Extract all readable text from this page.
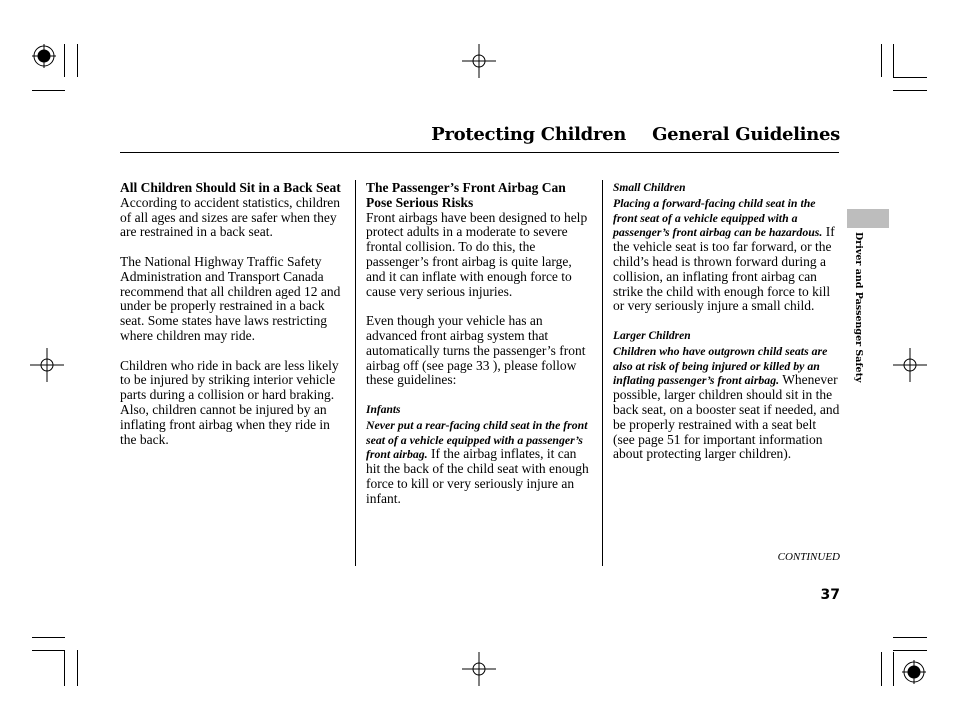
Protecting Children General Guidelines

All Children Should Sit in a Back Seat
According to accident statistics, children of all ages and sizes are safer when they are restrained in a back seat.

The National Highway Traffic Safety Administration and Transport Canada recommend that all children aged 12 and under be properly restrained in a back seat. Some states have laws restricting where children may ride.

Children who ride in back are less likely to be injured by striking interior vehicle parts during a collision or hard braking. Also, children cannot be injured by an inflating front airbag when they ride in the back.

The Passenger’s Front Airbag Can Pose Serious Risks
Front airbags have been designed to help protect adults in a moderate to severe frontal collision. To do this, the passenger’s front airbag is quite large, and it can inflate with enough force to cause very serious injuries.

Even though your vehicle has an advanced front airbag system that automatically turns the passenger’s front airbag off (see page 33 ), please follow these guidelines:

Infants
Never put a rear-facing child seat in the front seat of a vehicle equipped with a passenger’s front airbag. If the airbag inflates, it can hit the back of the child seat with enough force to kill or very seriously injure an infant.

Small Children
Placing a forward-facing child seat in the front seat of a vehicle equipped with a passenger’s front airbag can be hazardous. If the vehicle seat is too far forward, or the child’s head is thrown forward during a collision, an inflating front airbag can strike the child with enough force to kill or very seriously injure a small child.

Larger Children
Children who have outgrown child seats are also at risk of being injured or killed by an inflating passenger’s front airbag. Whenever possible, larger children should sit in the back seat, on a booster seat if needed, and be properly restrained with a seat belt (see page 51 for important information about protecting larger children).

Driver and Passenger Safety
CONTINUED
37
